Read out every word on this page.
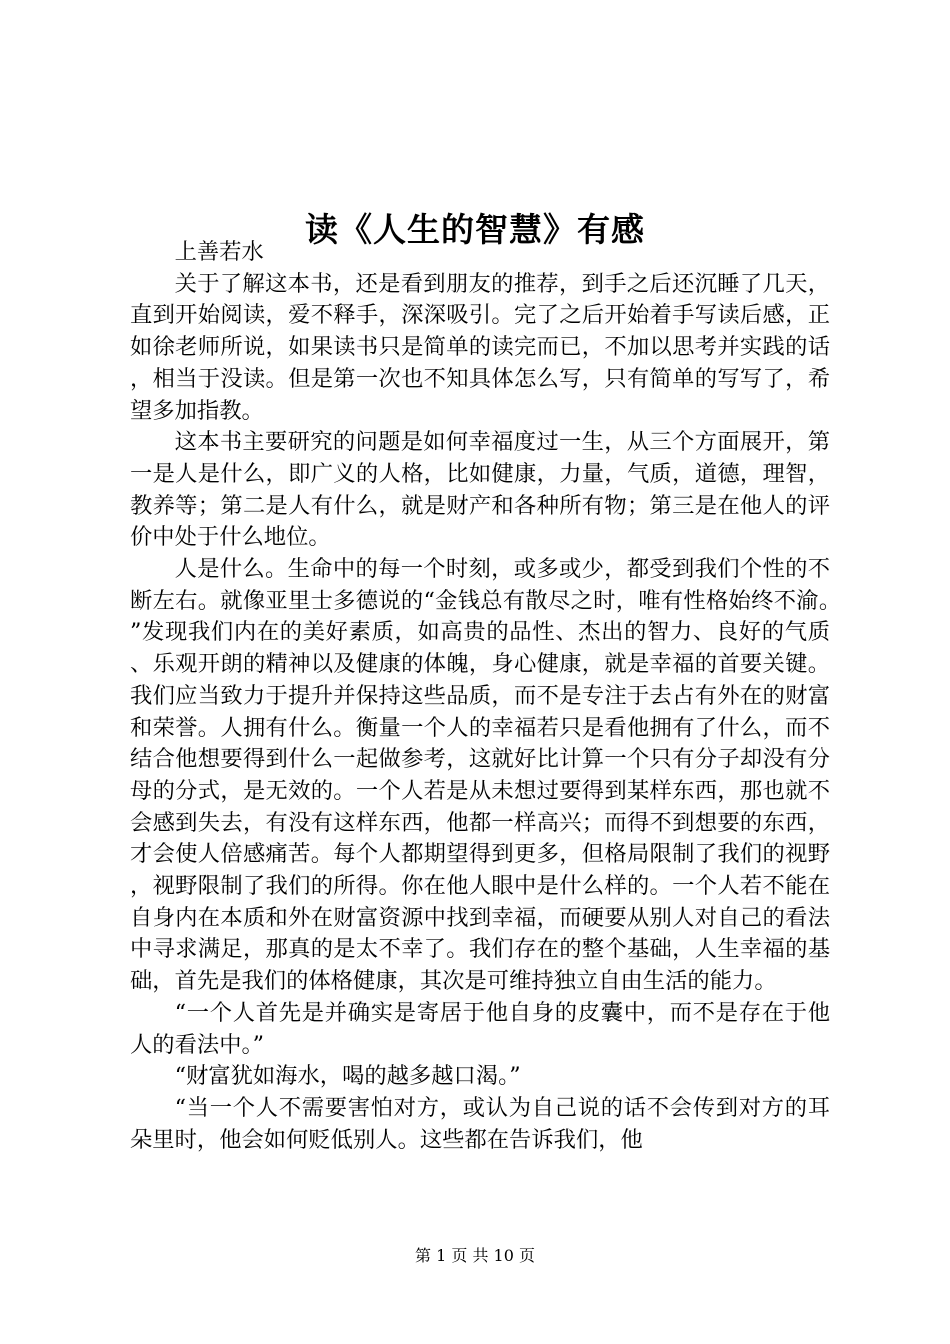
读《人生的智慧》有感

上善若水

关于了解这本书，还是看到朋友的推荐，到手之后还沉睡了几天，直到开始阅读，爱不释手，深深吸引。完了之后开始着手写读后感，正如徐老师所说，如果读书只是简单的读完而已，不加以思考并实践的话，相当于没读。但是第一次也不知具体怎么写，只有简单的写写了，希望多加指教。

这本书主要研究的问题是如何幸福度过一生，从三个方面展开，第一是人是什么，即广义的人格，比如健康，力量，气质，道德，理智，教养等；第二是人有什么，就是财产和各种所有物；第三是在他人的评价中处于什么地位。

人是什么。生命中的每一个时刻，或多或少，都受到我们个性的不断左右。就像亚里士多德说的“金钱总有散尽之时，唯有性格始终不渝。”发现我们内在的美好素质，如高贵的品性、杰出的智力、良好的气质、乐观开朗的精神以及健康的体魄，身心健康，就是幸福的首要关键。我们应当致力于提升并保持这些品质，而不是专注于去占有外在的财富和荣誉。人拥有什么。衡量一个人的幸福若只是看他拥有了什么，而不结合他想要得到什么一起做参考，这就好比计算一个只有分子却没有分母的分式，是无效的。一个人若是从未想过要得到某样东西，那也就不会感到失去，有没有这样东西，他都一样高兴；而得不到想要的东西，才会使人倍感痛苦。每个人都期望得到更多，但格局限制了我们的视野，视野限制了我们的所得。你在他人眼中是什么样的。一个人若不能在自身内在本质和外在财富资源中找到幸福，而硬要从别人对自己的看法中寻求满足，那真的是太不幸了。我们存在的整个基础，人生幸福的基础，首先是我们的体格健康，其次是可维持独立自由生活的能力。

“一个人首先是并确实是寄居于他自身的皮囊中，而不是存在于他人的看法中。”

“财富犹如海水，喝的越多越口渴。”

“当一个人不需要害怕对方，或认为自己说的话不会传到对方的耳朵里时，他会如何贬低别人。这些都在告诉我们，他

第 1 页 共 10 页
